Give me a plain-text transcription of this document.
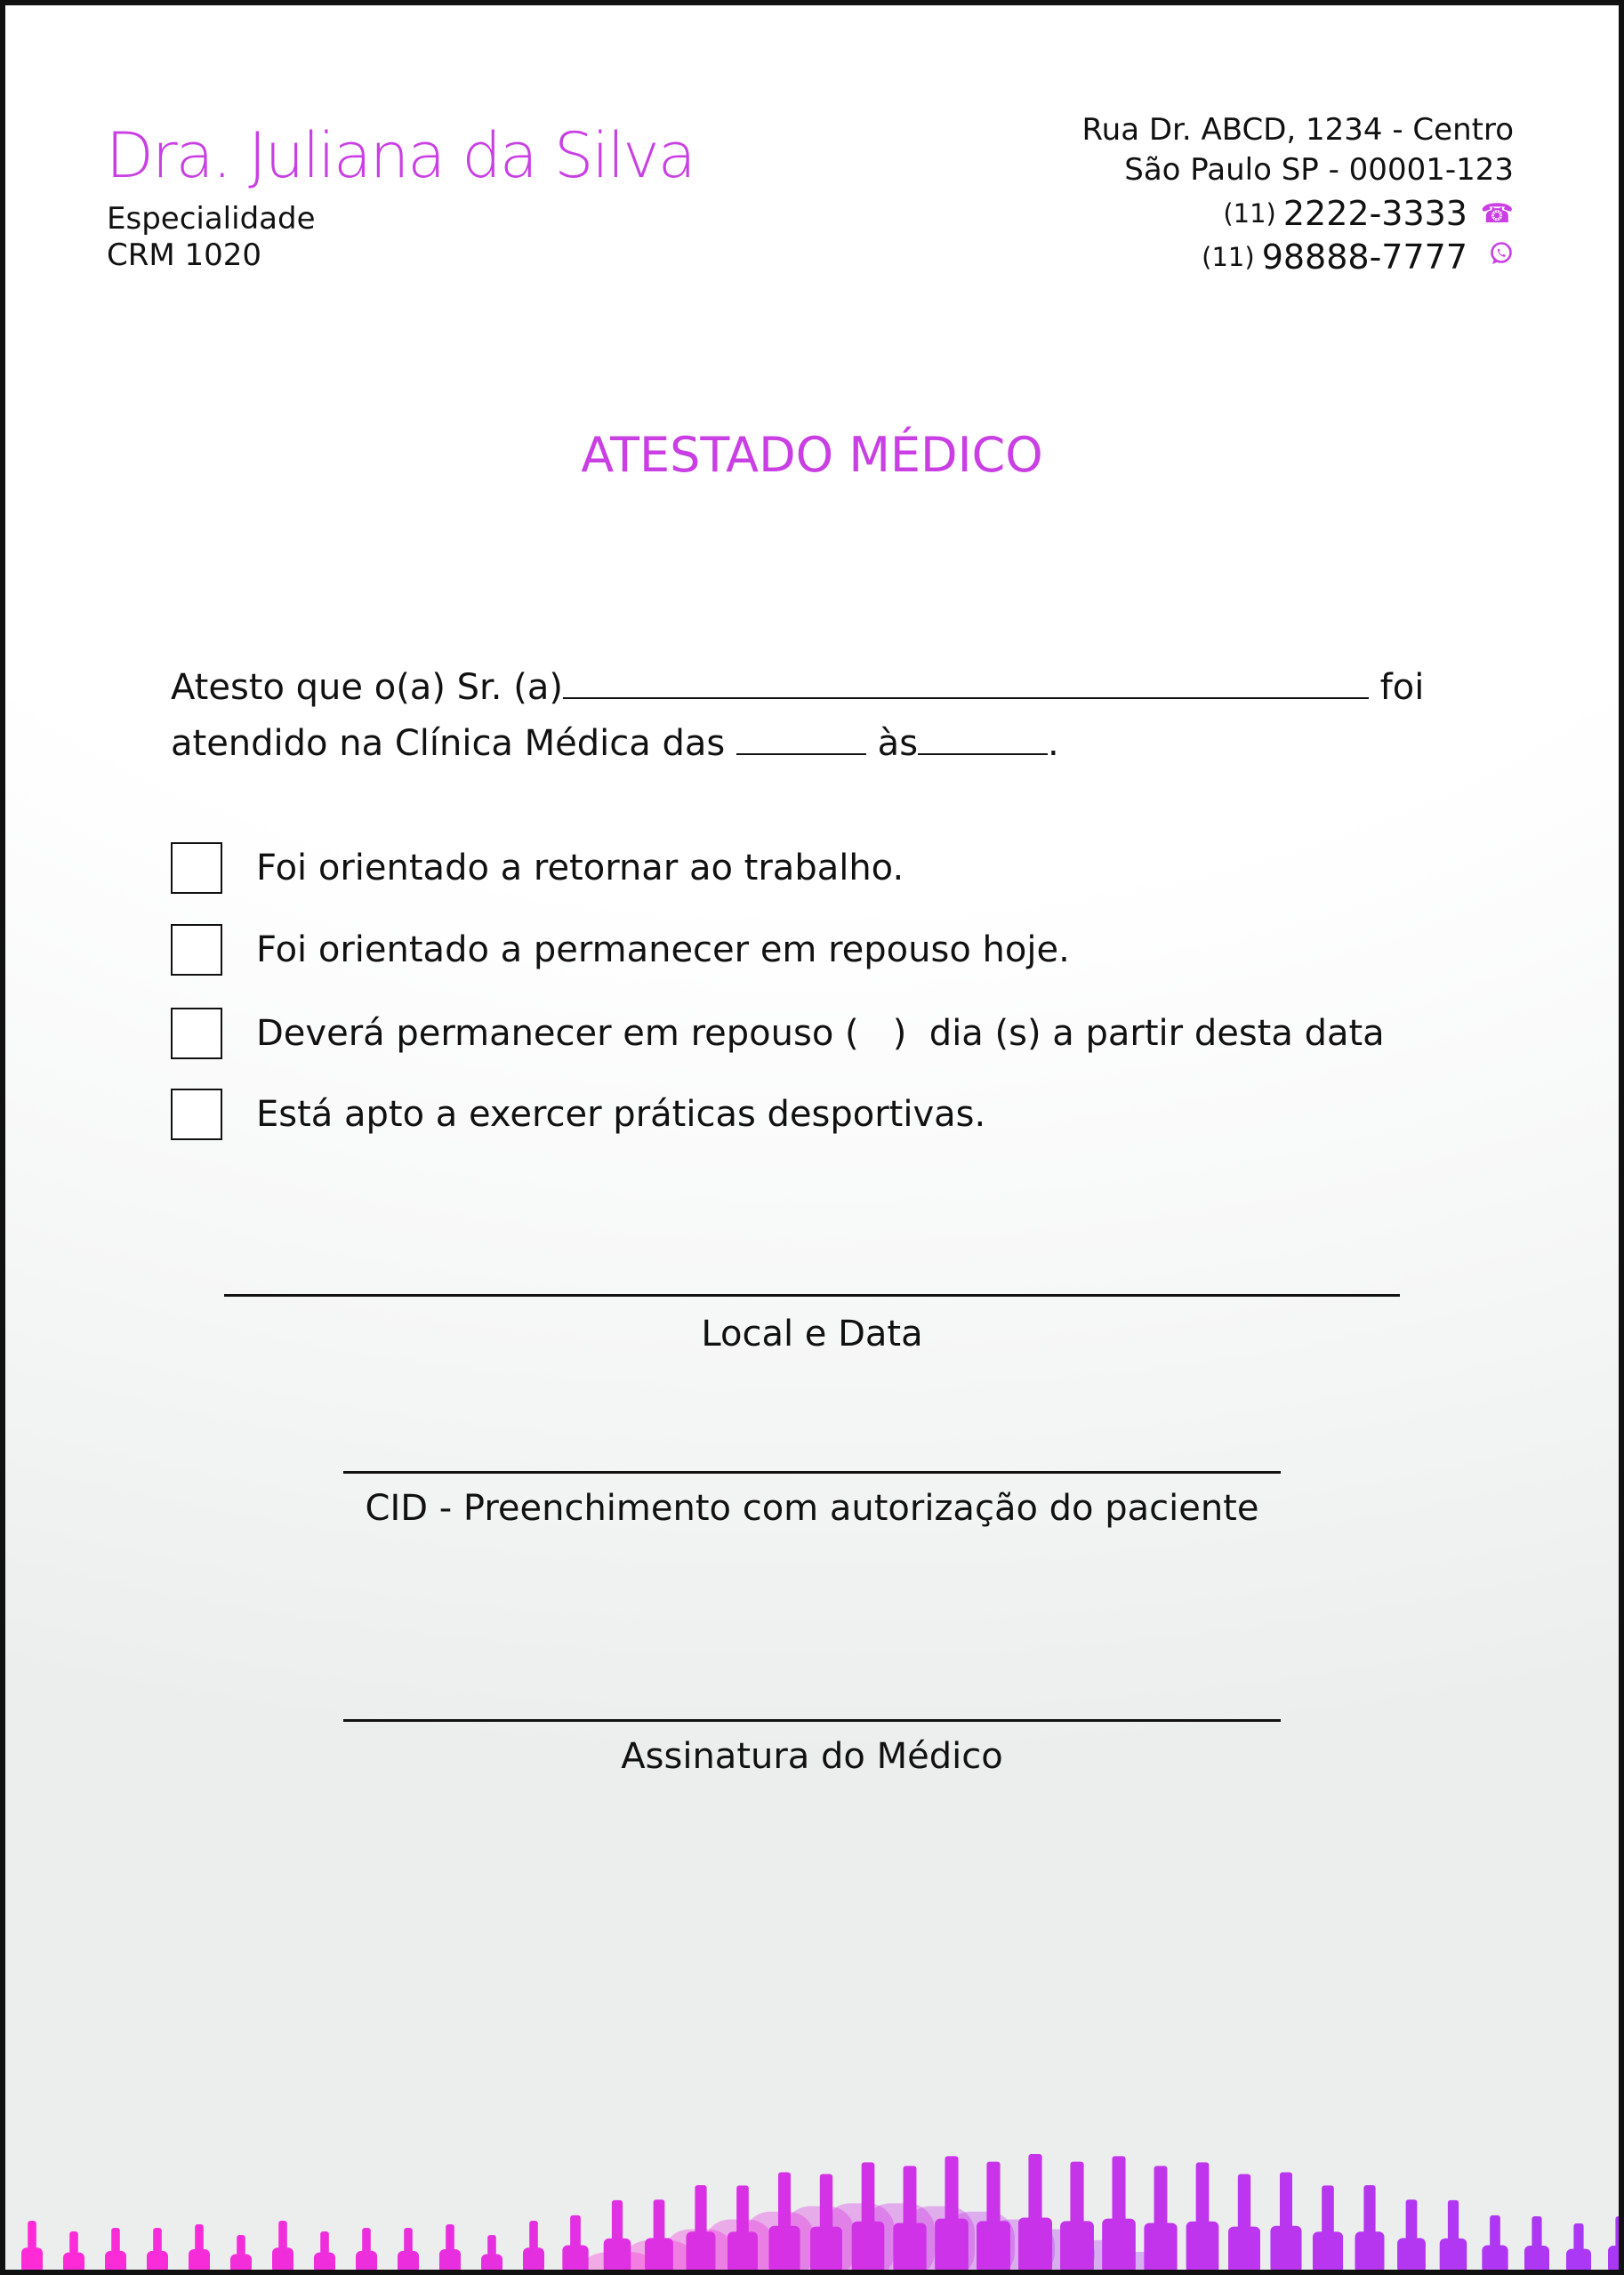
Dra. Juliana da Silva
Especialidade
CRM 1020
Rua Dr. ABCD, 1234 - Centro
São Paulo SP - 00001-123
(11) 2222-3333 ☎
(11) 98888-7777
ATESTADO MÉDICO
Atesto que o(a) Sr. (a)	foi
atendido na Clínica Médica das	às	.
Foi orientado a retornar ao trabalho.
Foi orientado a permanecer em repouso hoje.
Deverá permanecer em repouso (   )  dia (s) a partir desta data
Está apto a exercer práticas desportivas.
Local e Data
CID - Preenchimento com autorização do paciente
Assinatura do Médico
